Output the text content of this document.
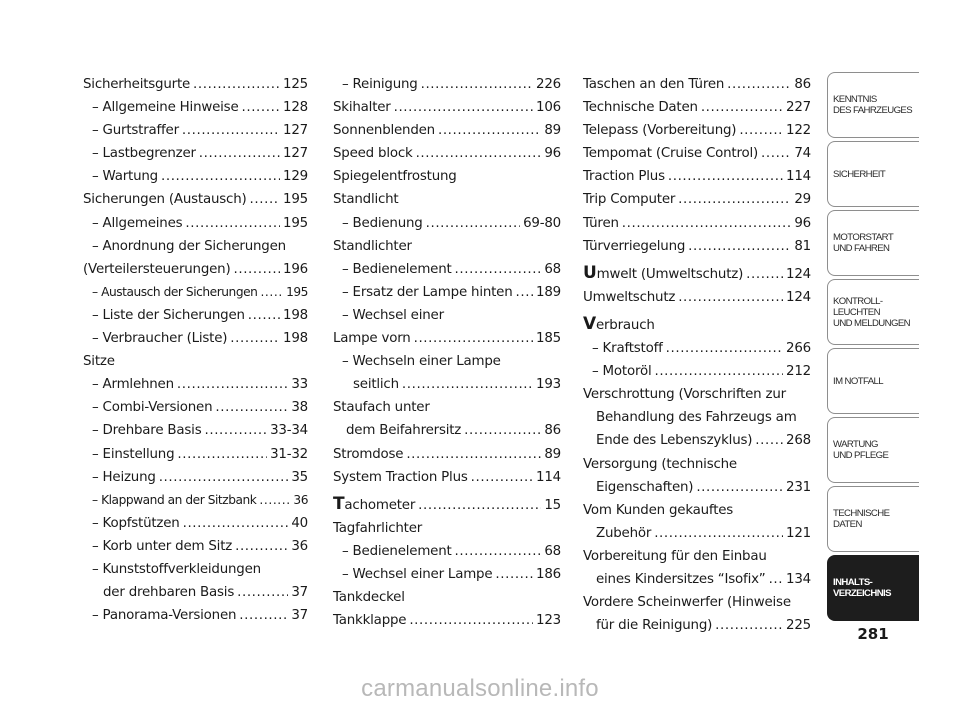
Sicherheitsgurte .....	125
– Allgemeine Hinweise .....	128
– Gurtstraffer .....	127
– Lastbegrenzer .....	127
– Wartung .....	129
Sicherungen (Austausch) .....	195
– Allgemeines .....	195
– Anordnung der Sicherungen
(Verteilersteuerungen) .....	196
– Austausch der Sicherungen ..... 195
– Liste der Sicherungen .....	198
– Verbraucher (Liste) .....	198
Sitze
– Armlehnen .....	33
– Combi-Versionen .....	38
– Drehbare Basis .....	33-34
– Einstellung .....	31-32
– Heizung .....	35
– Klappwand an der Sitzbank .....	36
– Kopfstützen .....	40
– Korb unter dem Sitz .....	36
– Kunststoffverkleidungen
der drehbaren Basis .....	37
– Panorama-Versionen .....	37
– Reinigung .....	226
Skihalter .....	106
Sonnenblenden .....	89
Speed block .....	96
Spiegelentfrostung
Standlicht
– Bedienung .....	69-80
Standlichter
– Bedienelement .....	68
– Ersatz der Lampe hinten ..... 189
– Wechsel einer
Lampe vorn .....	185
– Wechseln einer Lampe
seitlich .....	193
Staufach unter
dem Beifahrersitz .....	86
Stromdose .....	89
System Traction Plus .....	114
Tachometer .....	15
Tagfahrlichter
– Bedienelement .....	68
– Wechsel einer Lampe .....	186
Tankdeckel
Tankklappe .....	123
Taschen an den Türen .....	86
Technische Daten .....	227
Telepass (Vorbereitung) .....	122
Tempomat (Cruise Control) .....	74
Traction Plus .....	114
Trip Computer .....	29
Türen .....	96
Türverriegelung .....	81
Umwelt (Umweltschutz) .....	124
Umweltschutz .....	124
Verbrauch
– Kraftstoff .....	266
– Motoröl .....	212
Verschrottung (Vorschriften zur
Behandlung des Fahrzeugs am
Ende des Lebenszyklus) .....	268
Versorgung (technische
Eigenschaften) .....	231
Vom Kunden gekauftes
Zubehör .....	121
Vorbereitung für den Einbau
eines Kindersitzes “Isofix” ..... 134
Vordere Scheinwerfer (Hinweise
für die Reinigung) .....	225
KENNTNIS
DES FAHRZEUGES
SICHERHEIT
MOTORSTART
UND FAHREN
KONTROLL-
LEUCHTEN
UND MELDUNGEN
IM NOTFALL
WARTUNG
UND PFLEGE
TECHNISCHE
DATEN
INHALTS-
VERZEICHNIS
281
carmanualsonline.info
